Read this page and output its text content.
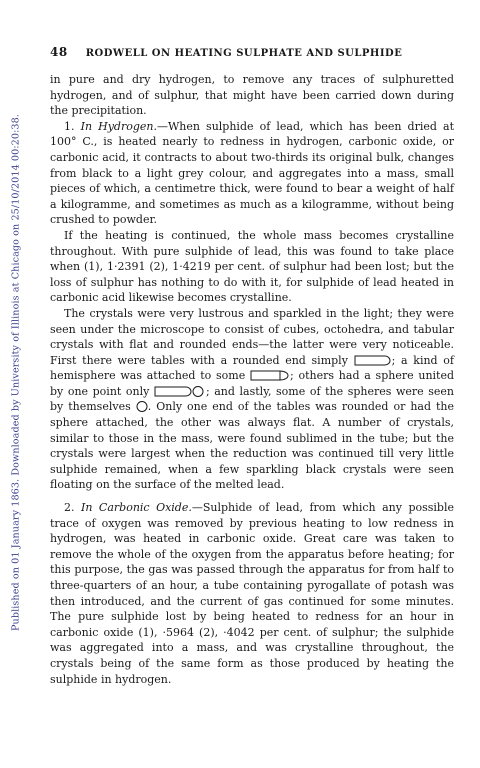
Published on 01 January 1863. Downloaded by University of Illinois at Chicago on 25/10/2014 00:20:38.
48 RODWELL ON HEATING SULPHATE AND SULPHIDE

in pure and dry hydrogen, to remove any traces of sulphuretted hydrogen, and of sulphur, that might have been carried down during the precipitation.

1. In Hydrogen.—When sulphide of lead, which has been dried at 100° C., is heated nearly to redness in hydrogen, carbonic oxide, or carbonic acid, it contracts to about two-thirds its original bulk, changes from black to a light grey colour, and aggregates into a mass, small pieces of which, a centimetre thick, were found to bear a weight of half a kilogramme, and sometimes as much as a kilogramme, without being crushed to powder.

If the heating is continued, the whole mass becomes crystalline throughout. With pure sulphide of lead, this was found to take place when (1), 1·2391 (2), 1·4219 per cent. of sulphur had been lost; but the loss of sulphur has nothing to do with it, for sulphide of lead heated in carbonic acid likewise becomes crystalline.

The crystals were very lustrous and sparkled in the light; they were seen under the microscope to consist of cubes, octohedra, and tabular crystals with flat and rounded ends—the latter were very noticeable. First there were tables with a rounded end simply	; a kind of hemisphere was attached to some	; others had a sphere united by one point only	; and lastly, some of the spheres were seen by themselves . Only one end of the tables was rounded or had the sphere attached, the other was always flat. A number of crystals, similar to those in the mass, were found sublimed in the tube; but the crystals were largest when the reduction was continued till very little sulphide remained, when a few sparkling black crystals were seen floating on the surface of the melted lead.

2. In Carbonic Oxide.—Sulphide of lead, from which any possible trace of oxygen was removed by previous heating to low redness in hydrogen, was heated in carbonic oxide. Great care was taken to remove the whole of the oxygen from the apparatus before heating; for this purpose, the gas was passed through the apparatus for from half to three-quarters of an hour, a tube containing pyrogallate of potash was then introduced, and the current of gas continued for some minutes. The pure sulphide lost by being heated to redness for an hour in carbonic oxide (1), ·5964 (2), ·4042 per cent. of sulphur; the sulphide was aggregated into a mass, and was crystalline throughout, the crystals being of the same form as those produced by heating the sulphide in hydrogen.
